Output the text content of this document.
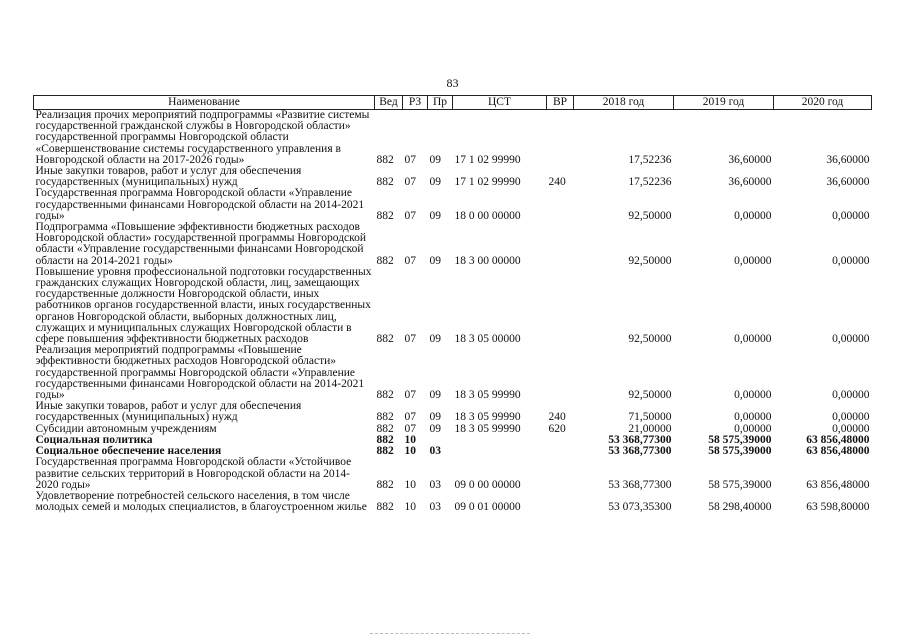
83
Наименование	Вед	РЗ	Пр	ЦСТ	ВР	2018 год	2019 год	2020 год
Реализация прочих мероприятий подпрограммы «Развитие системы государственной гражданской службы в Новгородской области» государственной программы Новгородской области «Совершенствование системы государственного управления в Новгородской области на 2017-2026 годы»	882	07	09	17 1 02 99990		17,52236	36,60000	36,60000
Иные закупки товаров, работ и услуг для обеспечения государственных (муниципальных) нужд	882	07	09	17 1 02 99990	240	17,52236	36,60000	36,60000
Государственная программа Новгородской области «Управление государственными финансами Новгородской области на 2014-2021 годы»	882	07	09	18 0 00 00000		92,50000	0,00000	0,00000
Подпрограмма «Повышение эффективности бюджетных расходов Новгородской области» государственной программы Новгородской области «Управление государственными финансами Новгородской области на 2014-2021 годы»	882	07	09	18 3 00 00000		92,50000	0,00000	0,00000
Повышение уровня профессиональной подготовки государственных гражданских служащих Новгородской области, лиц, замещающих государственные должности Новгородской области, иных работников органов государственной власти, иных государственных органов Новгородской области, выборных должностных лиц, служащих и муниципальных служащих Новгородской области в сфере повышения эффективности бюджетных расходов	882	07	09	18 3 05 00000		92,50000	0,00000	0,00000
Реализация мероприятий подпрограммы «Повышение эффективности бюджетных расходов Новгородской области» государственной программы Новгородской области «Управление государственными финансами Новгородской области на 2014-2021 годы»	882	07	09	18 3 05 99990		92,50000	0,00000	0,00000
Иные закупки товаров, работ и услуг для обеспечения государственных (муниципальных) нужд	882	07	09	18 3 05 99990	240	71,50000	0,00000	0,00000
Субсидии автономным учреждениям	882	07	09	18 3 05 99990	620	21,00000	0,00000	0,00000
Социальная политика	882	10				53 368,77300	58 575,39000	63 856,48000
Социальное обеспечение населения	882	10	03			53 368,77300	58 575,39000	63 856,48000
Государственная программа Новгородской области «Устойчивое развитие сельских территорий в Новгородской области на 2014-2020 годы»	882	10	03	09 0 00 00000		53 368,77300	58 575,39000	63 856,48000
Удовлетворение потребностей сельского населения, в том числе молодых семей и молодых специалистов, в благоустроенном жилье	882	10	03	09 0 01 00000		53 073,35300	58 298,40000	63 598,80000
